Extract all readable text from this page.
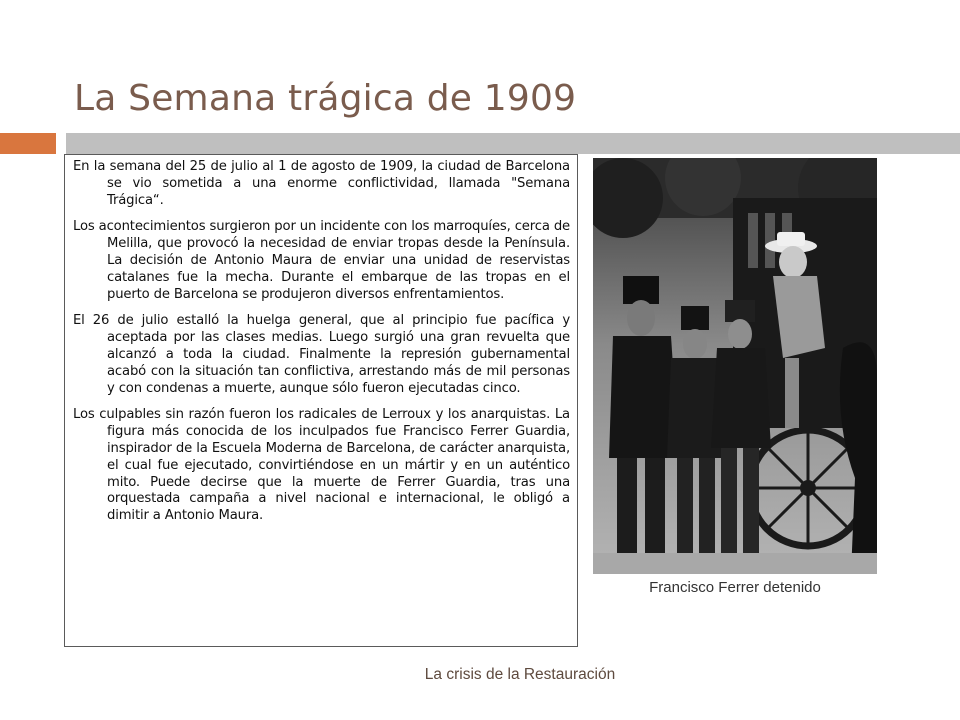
La Semana trágica de 1909

En la semana del 25 de julio al 1 de agosto de 1909, la ciudad de Barcelona se vio sometida a una enorme conflictividad, llamada "Semana Trágica“.

Los acontecimientos surgieron por un incidente con los marroquíes, cerca de Melilla, que provocó la necesidad de enviar tropas desde la Península. La decisión de Antonio Maura de enviar una unidad de reservistas catalanes fue la mecha. Durante el embarque de las tropas en el puerto de Barcelona se produjeron diversos enfrentamientos.

El 26 de julio estalló la huelga general, que al principio fue pacífica y aceptada por las clases medias. Luego surgió una gran revuelta que alcanzó a toda la ciudad. Finalmente la represión gubernamental acabó con la situación tan conflictiva, arrestando más de mil personas y con condenas a muerte, aunque sólo fueron ejecutadas cinco.

Los culpables sin razón fueron los radicales de Lerroux y los anarquistas. La figura más conocida de los inculpados fue Francisco Ferrer Guardia, inspirador de la Escuela Moderna de Barcelona, de carácter anarquista, el cual fue ejecutado, convirtiéndose en un mártir y en un auténtico mito. Puede decirse que la muerte de Ferrer Guardia, tras una orquestada campaña a nivel nacional e internacional, le obligó a dimitir a Antonio Maura.

Francisco Ferrer detenido
La crisis de la Restauración
